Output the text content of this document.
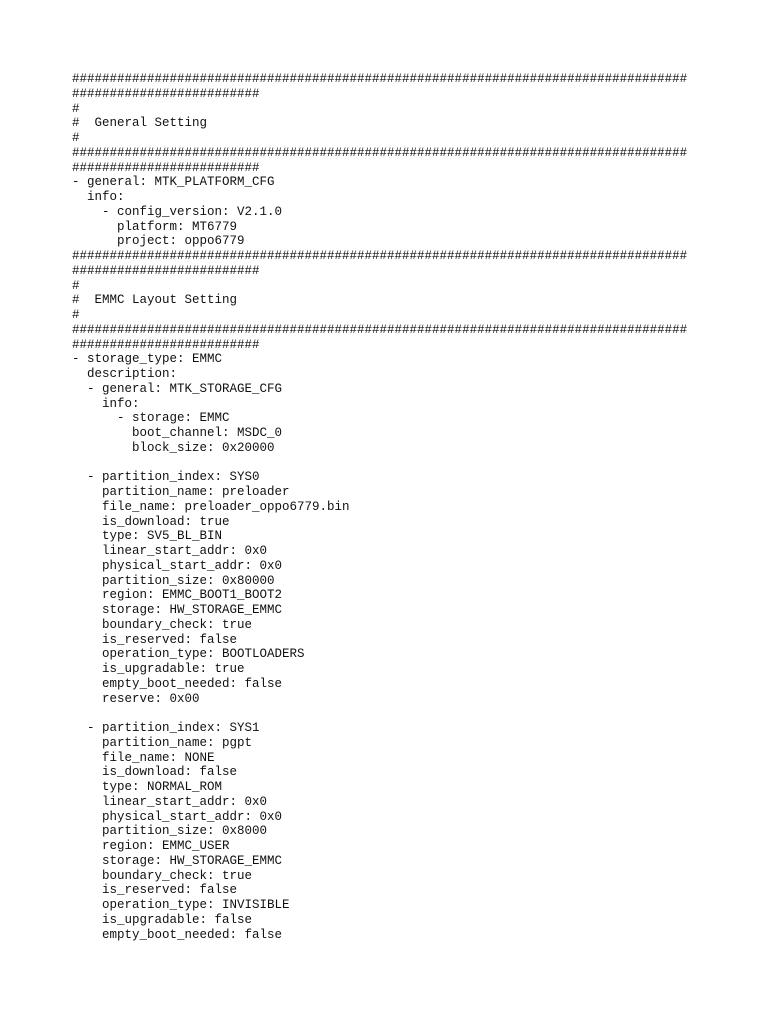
##################################################################################
#########################
#
#  General Setting
#
##################################################################################
#########################
- general: MTK_PLATFORM_CFG
info:
- config_version: V2.1.0
platform: MT6779
project: oppo6779
##################################################################################
#########################
#
#  EMMC Layout Setting
#
##################################################################################
#########################
- storage_type: EMMC
description:
- general: MTK_STORAGE_CFG
info:
- storage: EMMC
boot_channel: MSDC_0
block_size: 0x20000
- partition_index: SYS0
partition_name: preloader
file_name: preloader_oppo6779.bin
is_download: true
type: SV5_BL_BIN
linear_start_addr: 0x0
physical_start_addr: 0x0
partition_size: 0x80000
region: EMMC_BOOT1_BOOT2
storage: HW_STORAGE_EMMC
boundary_check: true
is_reserved: false
operation_type: BOOTLOADERS
is_upgradable: true
empty_boot_needed: false
reserve: 0x00
- partition_index: SYS1
partition_name: pgpt
file_name: NONE
is_download: false
type: NORMAL_ROM
linear_start_addr: 0x0
physical_start_addr: 0x0
partition_size: 0x8000
region: EMMC_USER
storage: HW_STORAGE_EMMC
boundary_check: true
is_reserved: false
operation_type: INVISIBLE
is_upgradable: false
empty_boot_needed: false
